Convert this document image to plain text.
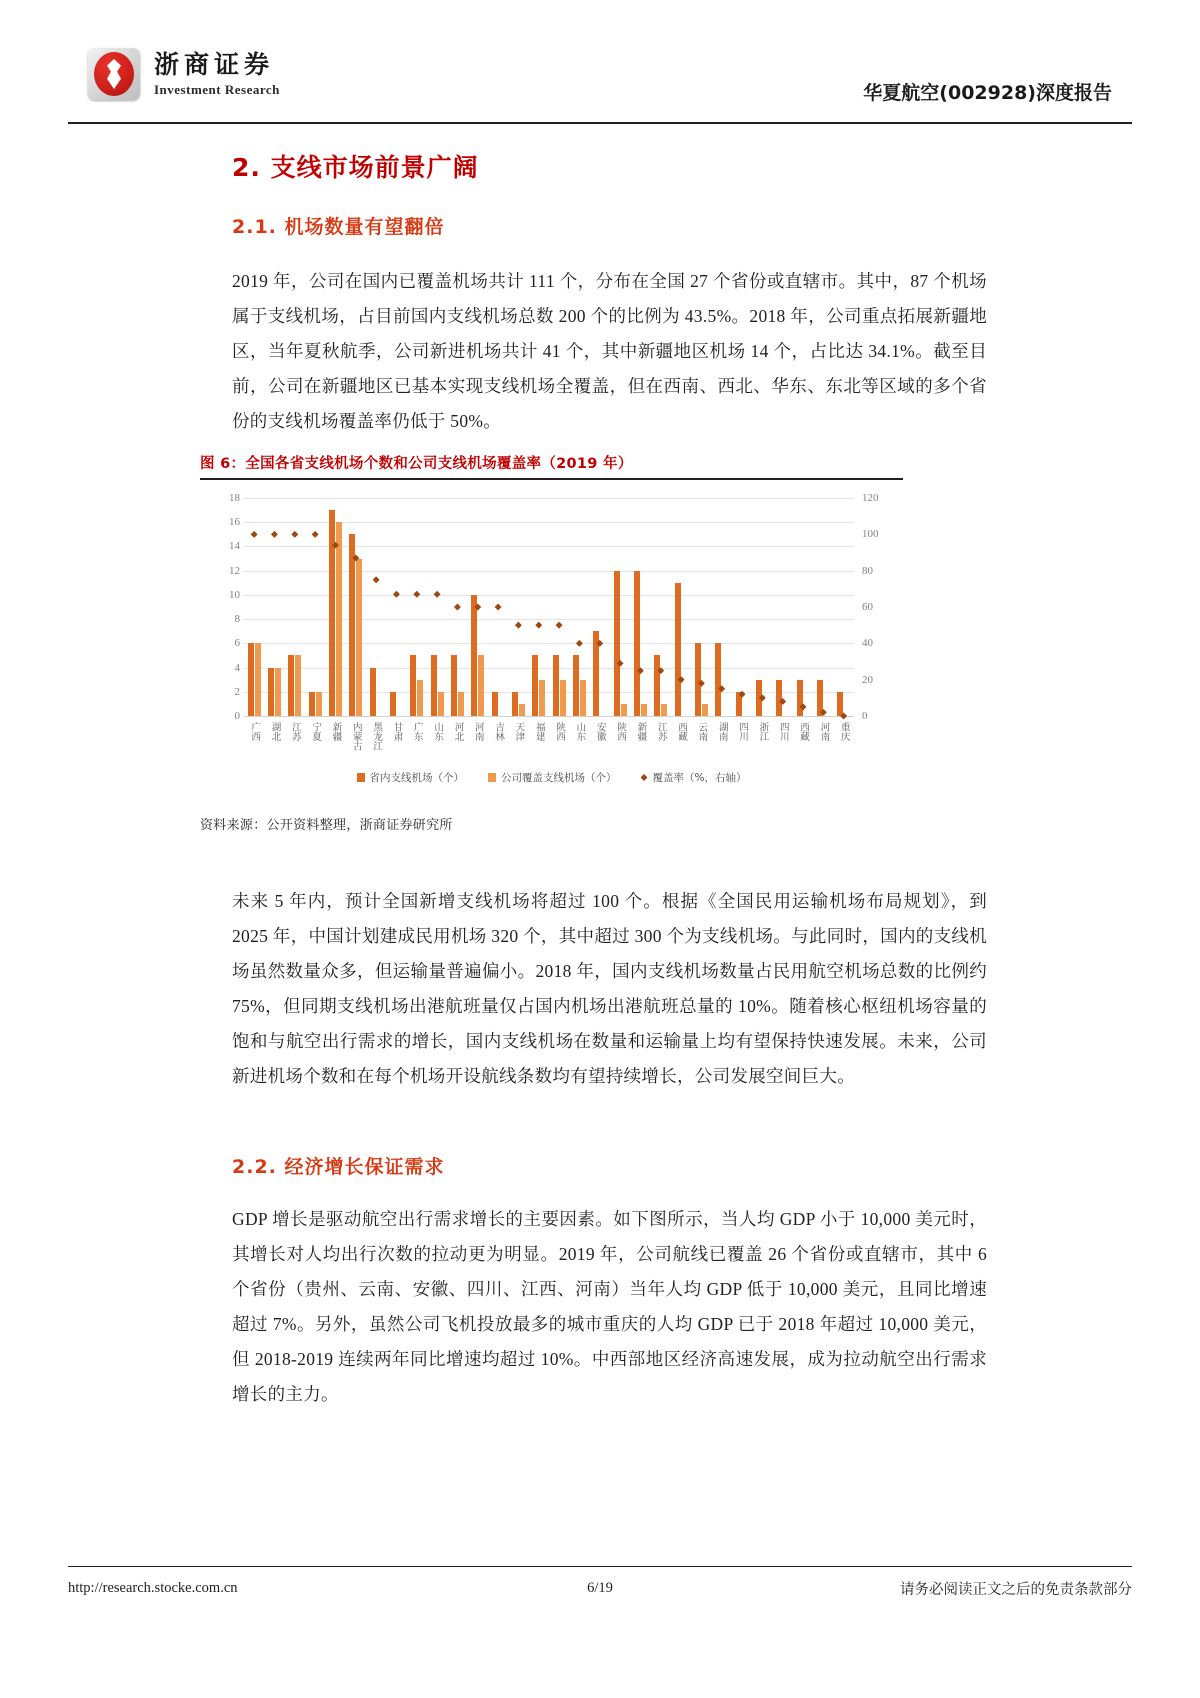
浙商证券
Investment Research	华夏航空(002928)深度报告
2. 支线市场前景广阔
2.1. 机场数量有望翻倍
2019 年，公司在国内已覆盖机场共计 111 个，分布在全国 27 个省份或直辖市。其中，87 个机场属于支线机场，占目前国内支线机场总数 200 个的比例为 43.5%。2018 年，公司重点拓展新疆地区，当年夏秋航季，公司新进机场共计 41 个，其中新疆地区机场 14 个，占比达 34.1%。截至目前，公司在新疆地区已基本实现支线机场全覆盖，但在西南、西北、华东、东北等区域的多个省份的支线机场覆盖率仍低于 50%。
图 6：全国各省支线机场个数和公司支线机场覆盖率（2019 年）
0
2
4
6
8
10
12
14
16
18
0
20
40
60
80
100
120
广西 湖北 江苏 宁夏 新疆 内蒙古 黑龙江 甘肃 广东 山东 河北 河南 吉林 天津 福建 陕西 山东 安徽 陕西 新疆 江苏 西藏 云南 湖南 四川 浙江 四川 西藏 河南 重庆
省内支线机场（个）	公司覆盖支线机场（个）	覆盖率（%，右轴）
资料来源：公开资料整理，浙商证券研究所
未来 5 年内，预计全国新增支线机场将超过 100 个。根据《全国民用运输机场布局规划》，到 2025 年，中国计划建成民用机场 320 个，其中超过 300 个为支线机场。与此同时，国内的支线机场虽然数量众多，但运输量普遍偏小。2018 年，国内支线机场数量占民用航空机场总数的比例约 75%，但同期支线机场出港航班量仅占国内机场出港航班总量的 10%。随着核心枢纽机场容量的饱和与航空出行需求的增长，国内支线机场在数量和运输量上均有望保持快速发展。未来，公司新进机场个数和在每个机场开设航线条数均有望持续增长，公司发展空间巨大。
2.2. 经济增长保证需求
GDP 增长是驱动航空出行需求增长的主要因素。如下图所示，当人均 GDP 小于 10,000 美元时，其增长对人均出行次数的拉动更为明显。2019 年，公司航线已覆盖 26 个省份或直辖市，其中 6 个省份（贵州、云南、安徽、四川、江西、河南）当年人均 GDP 低于 10,000 美元，且同比增速超过 7%。另外，虽然公司飞机投放最多的城市重庆的人均 GDP 已于 2018 年超过 10,000 美元，但 2018-2019 连续两年同比增速均超过 10%。中西部地区经济高速发展，成为拉动航空出行需求增长的主力。
http://research.stocke.com.cn	6/19	请务必阅读正文之后的免责条款部分
